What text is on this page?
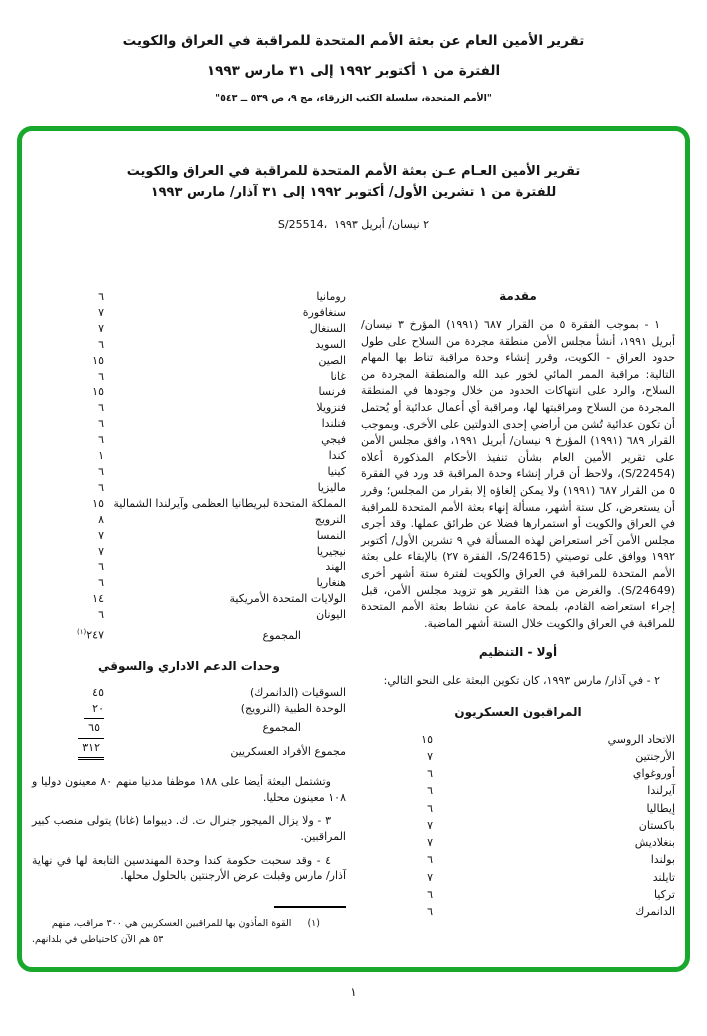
تقرير الأمين العام عن بعثة الأمم المتحدة للمراقبة في العراق والكويت
الفترة من ١ أكتوبر ١٩٩٢ إلى ٣١ مارس ١٩٩٣
"الأمم المتحدة، سلسلة الكتب الزرقاء، مج ٩، ص ٥٣٩ ــ ٥٤٣"
تقرير الأمين العـام عـن بعثة الأمم المتحدة للمراقبة في العراق والكويت
للفترة من ١ تشرين الأول/ أكتوبر ١٩٩٢ إلى ٣١ آذار/ مارس ١٩٩٣
S/25514، ٢ نيسان/ أبريل ١٩٩٣
مقدمة

١ - بموجب الفقرة ٥ من القرار ٦٨٧ (١٩٩١) المؤرخ ٣ نيسان/ أبريل ١٩٩١، أنشأ مجلس الأمن منطقة مجردة من السلاح على طول حدود العراق - الكويت، وقرر إنشاء وحدة مراقبة تناط بها المهام التالية: مراقبة الممر المائي لخور عبد الله والمنطقة المجردة من السلاح، والرد على انتهاكات الحدود من خلال وجودها في المنطقة المجردة من السلاح ومراقبتها لها، ومراقبة أي أعمال عدائية أو يُحتمل أن تكون عدائية تُشن من أراضي إحدى الدولتين على الأخرى. وبموجب القرار ٦٨٩ (١٩٩١) المؤرخ ٩ نيسان/ أبريل ١٩٩١، وافق مجلس الأمن على تقرير الأمين العام بشأن تنفيذ الأحكام المذكورة أعلاه (S/22454)، ولاحظ أن قرار إنشاء وحدة المراقبة قد ورد في الفقرة ٥ من القرار ٦٨٧ (١٩٩١) ولا يمكن إلغاؤه إلا بقرار من المجلس؛ وقرر أن يستعرض، كل ستة أشهر، مسألة إنهاء بعثة الأمم المتحدة للمراقبة في العراق والكويت أو استمرارها فضلا عن طرائق عملها. وقد أجرى مجلس الأمن آخر استعراض لهذه المسألة في ٩ تشرين الأول/ أكتوبر ١٩٩٢ ووافق على توصيتي (S/24615، الفقرة ٢٧) بالإبقاء على بعثة الأمم المتحدة للمراقبة في العراق والكويت لفترة ستة أشهر أخرى (S/24649). والغرض من هذا التقرير هو تزويد مجلس الأمن، قبل إجراء استعراضه القادم، بلمحة عامة عن نشاط بعثة الأمم المتحدة للمراقبة في العراق والكويت خلال الستة أشهر الماضية.

أولا - التنظيم

٢ - في آذار/ مارس ١٩٩٣، كان تكوين البعثة على النحو التالي:

المراقبون العسكريون
الاتحاد الروسي
١٥
الأرجنتين
٧
أوروغواي
٦
آيرلندا
٦
إيطاليا
٦
باكستان
٧
بنغلاديش
٧
بولندا
٦
تايلند
٧
تركيا
٦
الدانمرك
٦
رومانيا
٦
سنغافورة
٧
السنغال
٧
السويد
٦
الصين
١٥
غانا
٦
فرنسا
١٥
فنزويلا
٦
فنلندا
٦
فيجي
٦
كندا
١
كينيا
٦
ماليزيا
٦
المملكة المتحدة لبريطانيا العظمى وآيرلندا الشمالية
١٥
النرويج
٨
النمسا
٧
نيجيريا
٧
الهند
٦
هنغاريا
٦
الولايات المتحدة الأمريكية
١٤
اليونان
٦
المجموع
٢٤٧$^{(١)}$
وحدات الدعم الاداري والسوقي
السوقيات (الدانمرك)
٤٥
الوحدة الطبية (النرويج)
٢٠
المجموع
٦٥
مجموع الأفراد العسكريين
٣١٢

وتشتمل البعثة أيضا على ١٨٨ موظفا مدنيا منهم ٨٠ معينون دوليا و ١٠٨ معينون محليا.

٣ - ولا يزال الميجور جنرال ت. ك. ديبواما (غانا) يتولى منصب كبير المراقبين.

٤ - وقد سحبت حكومة كندا وحدة المهندسين التابعة لها في نهاية آذار/ مارس وقبلت عرض الأرجنتين بالحلول محلها.

(١)
القوة المأذون بها للمراقبين العسكريين هي ٣٠٠ مراقب، منهم
٥٣ هم الآن كاحتياطي في بلدانهم.
١
